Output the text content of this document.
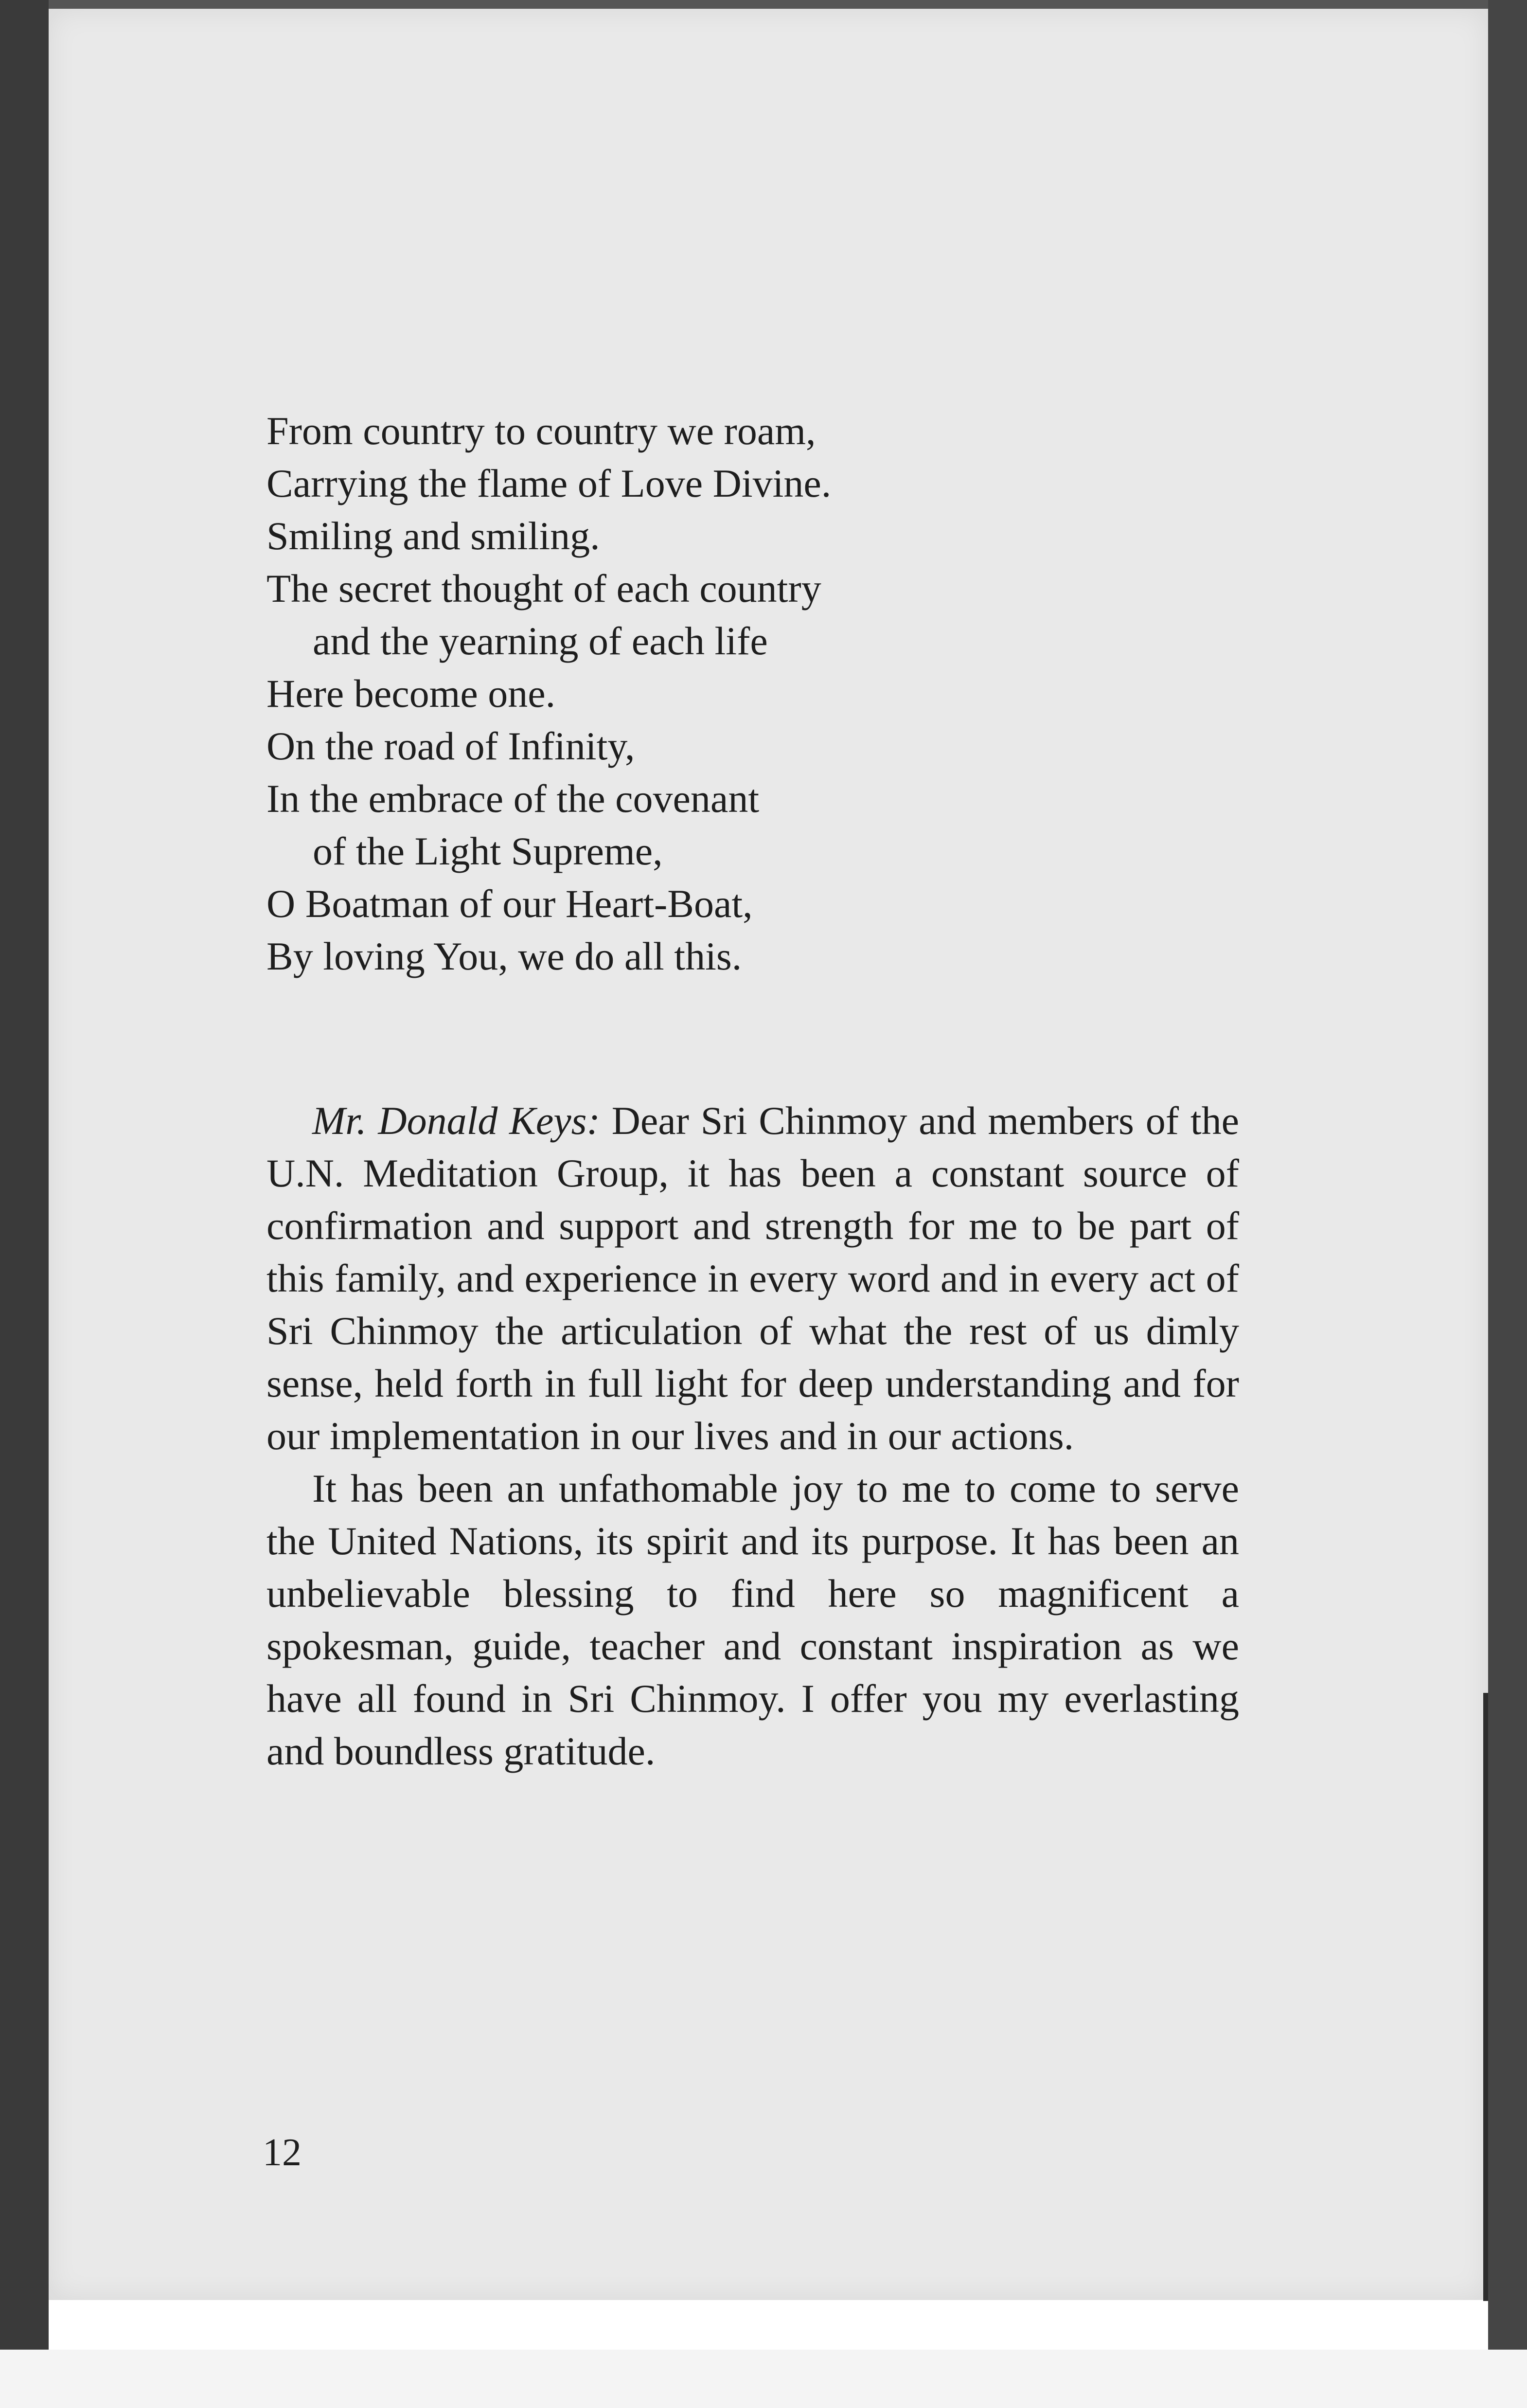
From country to country we roam,
Carrying the flame of Love Divine.
Smiling and smiling.
The secret thought of each country
and the yearning of each life
Here become one.
On the road of Infinity,
In the embrace of the covenant
of the Light Supreme,
O Boatman of our Heart-Boat,
By loving You, we do all this.

Mr. Donald Keys: Dear Sri Chinmoy and members of the U.N. Meditation Group, it has been a constant source of confirmation and support and strength for me to be part of this family, and experience in every word and in every act of Sri Chinmoy the articulation of what the rest of us dimly sense, held forth in full light for deep understanding and for our implementation in our lives and in our actions.

It has been an unfathomable joy to me to come to serve the United Nations, its spirit and its purpose. It has been an unbelievable blessing to find here so magnificent a spokesman, guide, teacher and constant inspiration as we have all found in Sri Chinmoy. I offer you my everlasting and boundless gratitude.

12
